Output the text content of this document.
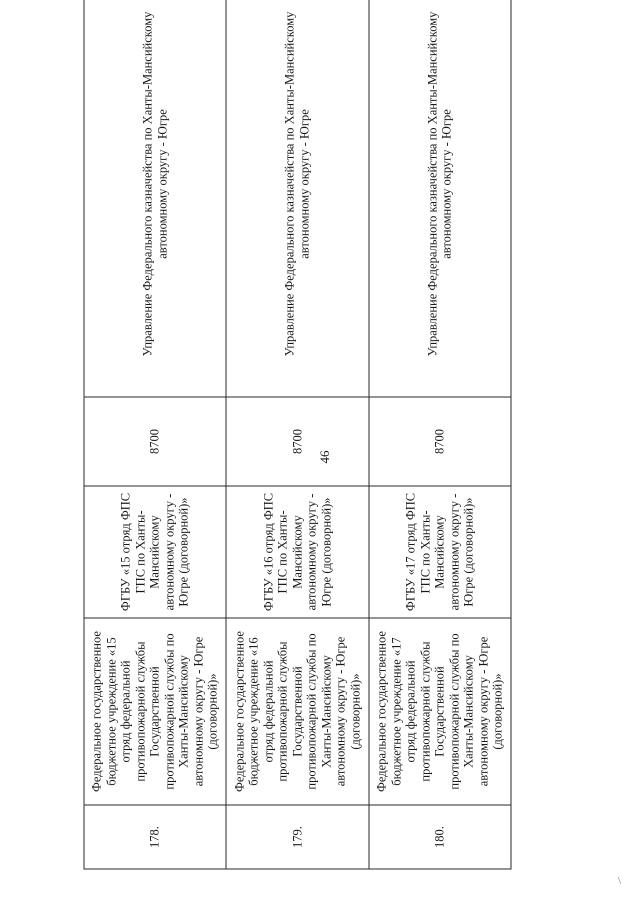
46
178.	Федеральное государственное бюджетное учреждение «15 отряд федеральной противопожарной службы Государственной противопожарной службы по Ханты-Мансийскому автономному округу - Югре (договорной)»	ФГБУ «15 отряд ФПС ГПС по Ханты-Мансийскому автономному округу - Югре (договорной)»	8700	Управление Федерального казначейства по Ханты-Мансийскому автономному округу - Югре
179.	Федеральное государственное бюджетное учреждение «16 отряд федеральной противопожарной службы Государственной противопожарной службы по Ханты-Мансийскому автономному округу - Югре (договорной)»	ФГБУ «16 отряд ФПС ГПС по Ханты-Мансийскому автономному округу - Югре (договорной)»	8700	Управление Федерального казначейства по Ханты-Мансийскому автономному округу - Югре
180.	Федеральное государственное бюджетное учреждение «17 отряд федеральной противопожарной службы Государственной противопожарной службы по Ханты-Мансийскому автономному округу - Югре (договорной)»	ФГБУ «17 отряд ФПС ГПС по Ханты-Мансийскому автономному округу - Югре (договорной)»	8700	Управление Федерального казначейства по Ханты-Мансийскому автономному округу - Югре
\
